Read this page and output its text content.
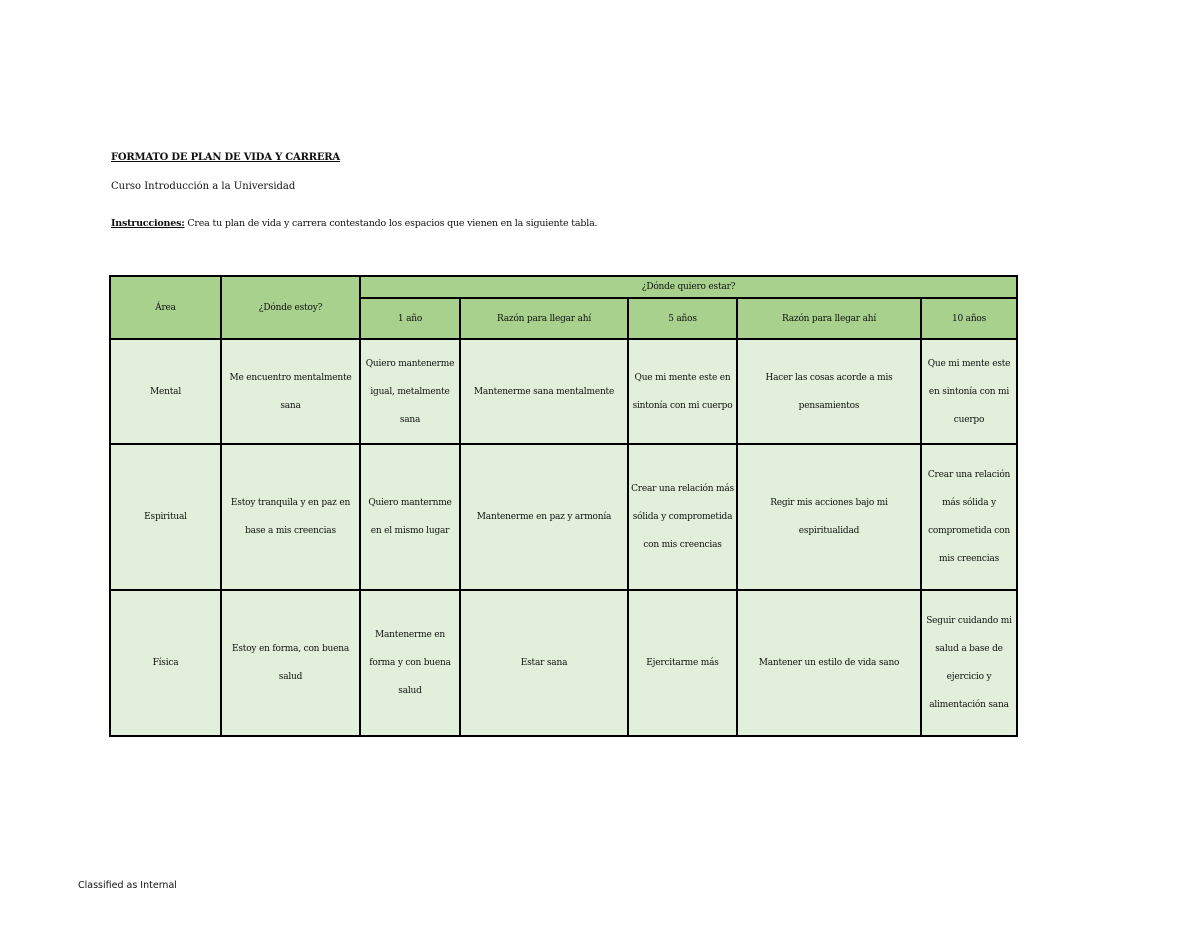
FORMATO DE PLAN DE VIDA Y CARRERA
Curso Introducción a la Universidad
Instrucciones: Crea tu plan de vida y carrera contestando los espacios que vienen en la siguiente tabla.
Área	¿Dónde estoy?	¿Dónde quiero estar?				
		1 año	Razón para llegar ahí	5 años	Razón para llegar ahí	10 años
Mental	Me encuentro mentalmente sana	Quiero mantenerme igual, metalmente sana	Mantenerme sana mentalmente	Que mi mente este en sintonía con mi cuerpo	Hacer las cosas acorde a mis pensamientos	Que mi mente este en sintonía con mi cuerpo
Espiritual	Estoy tranquila y en paz en base a mis creencias	Quiero manternme en el mismo lugar	Mantenerme en paz y armonía	Crear una relación más sólida y comprometida con mis creencias	Regir mis acciones bajo mi espiritualidad	Crear una relación más sólida y comprometida con mis creencias
Física	Estoy en forma, con buena salud	Mantenerme en forma y con buena salud	Estar sana	Ejercitarme más	Mantener un estilo de vida sano	Seguir cuidando mi salud a base de ejercicio y alimentación sana
Classified as Internal
